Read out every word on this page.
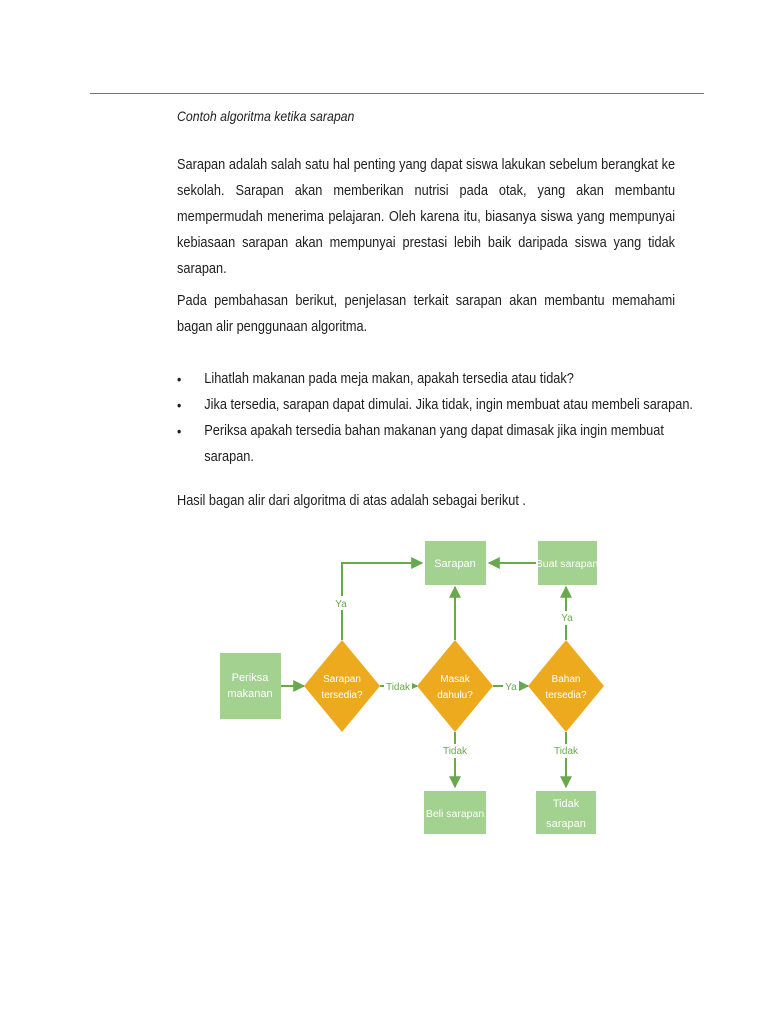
Contoh algoritma ketika sarapan
Sarapan adalah salah satu hal penting yang dapat siswa lakukan sebelum berangkat ke sekolah. Sarapan akan memberikan nutrisi pada otak, yang akan membantu mempermudah menerima pelajaran. Oleh karena itu, biasanya siswa yang mempunyai kebiasaan sarapan akan mempunyai prestasi lebih baik daripada siswa yang tidak sarapan.
Pada pembahasan berikut, penjelasan terkait sarapan akan membantu memahami bagan alir penggunaan algoritma.
• Lihatlah makanan pada meja makan, apakah tersedia atau tidak?
• Jika tersedia, sarapan dapat dimulai. Jika tidak, ingin membuat atau membeli sarapan.
• Periksa apakah tersedia bahan makanan yang dapat dimasak jika ingin membuat sarapan.
Hasil bagan alir dari algoritma di atas adalah sebagai berikut .
Periksa
makanan
Sarapan	Buat sarapan
Beli sarapan
Tidak
sarapan
Sarapan
tersedia?
Masak
dahulu?
Bahan
tersedia?
Ya
Tidak	Ya
Ya
Tidak	Tidak
